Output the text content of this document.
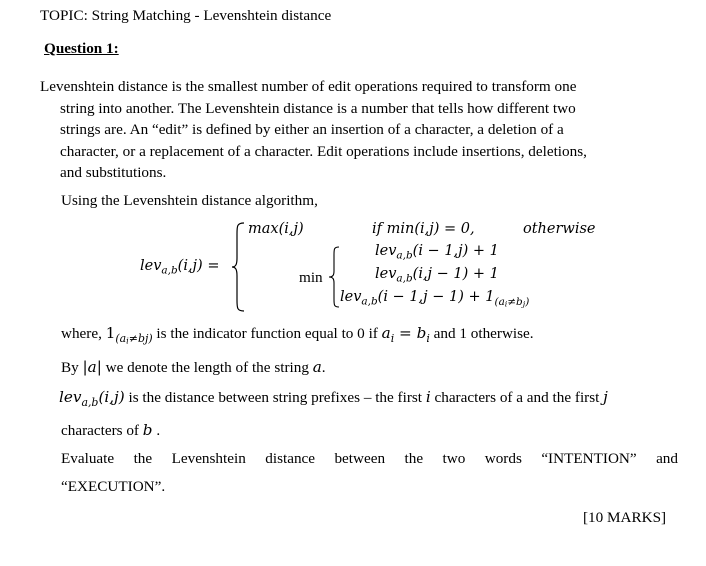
TOPIC: String Matching - Levenshtein distance
Question 1:
Levenshtein distance is the smallest number of edit operations required to transform one
string into another. The Levenshtein distance is a number that tells how different two
strings are. An “edit” is defined by either an insertion of a character, a deletion of a
character, or a replacement of a character. Edit operations include insertions, deletions,
and substitutions.
Using the Levenshtein distance algorithm,
lev$_{a,b}$(i,j) =
max(i,j)	if min(i,j) = 0,	otherwise
min
lev$_{a,b}$(i − 1,j) + 1
lev$_{a,b}$(i,j − 1) + 1
$lev_{a,b}(i - 1,j - 1) + 1_{(ai\ne bj)}$
where, $1_{(ai\ne bj)}$ is the indicator function equal to 0 if $a_i = b_i$ and 1 otherwise.
By |a| we denote the length of the string a.
lev$_{a,b}$(i,j) is the distance between string prefixes – the first i characters of a and the first j
characters of b .
Evaluate the Levenshtein distance between the two words “INTENTION” and
“EXECUTION”.
[10 MARKS]
